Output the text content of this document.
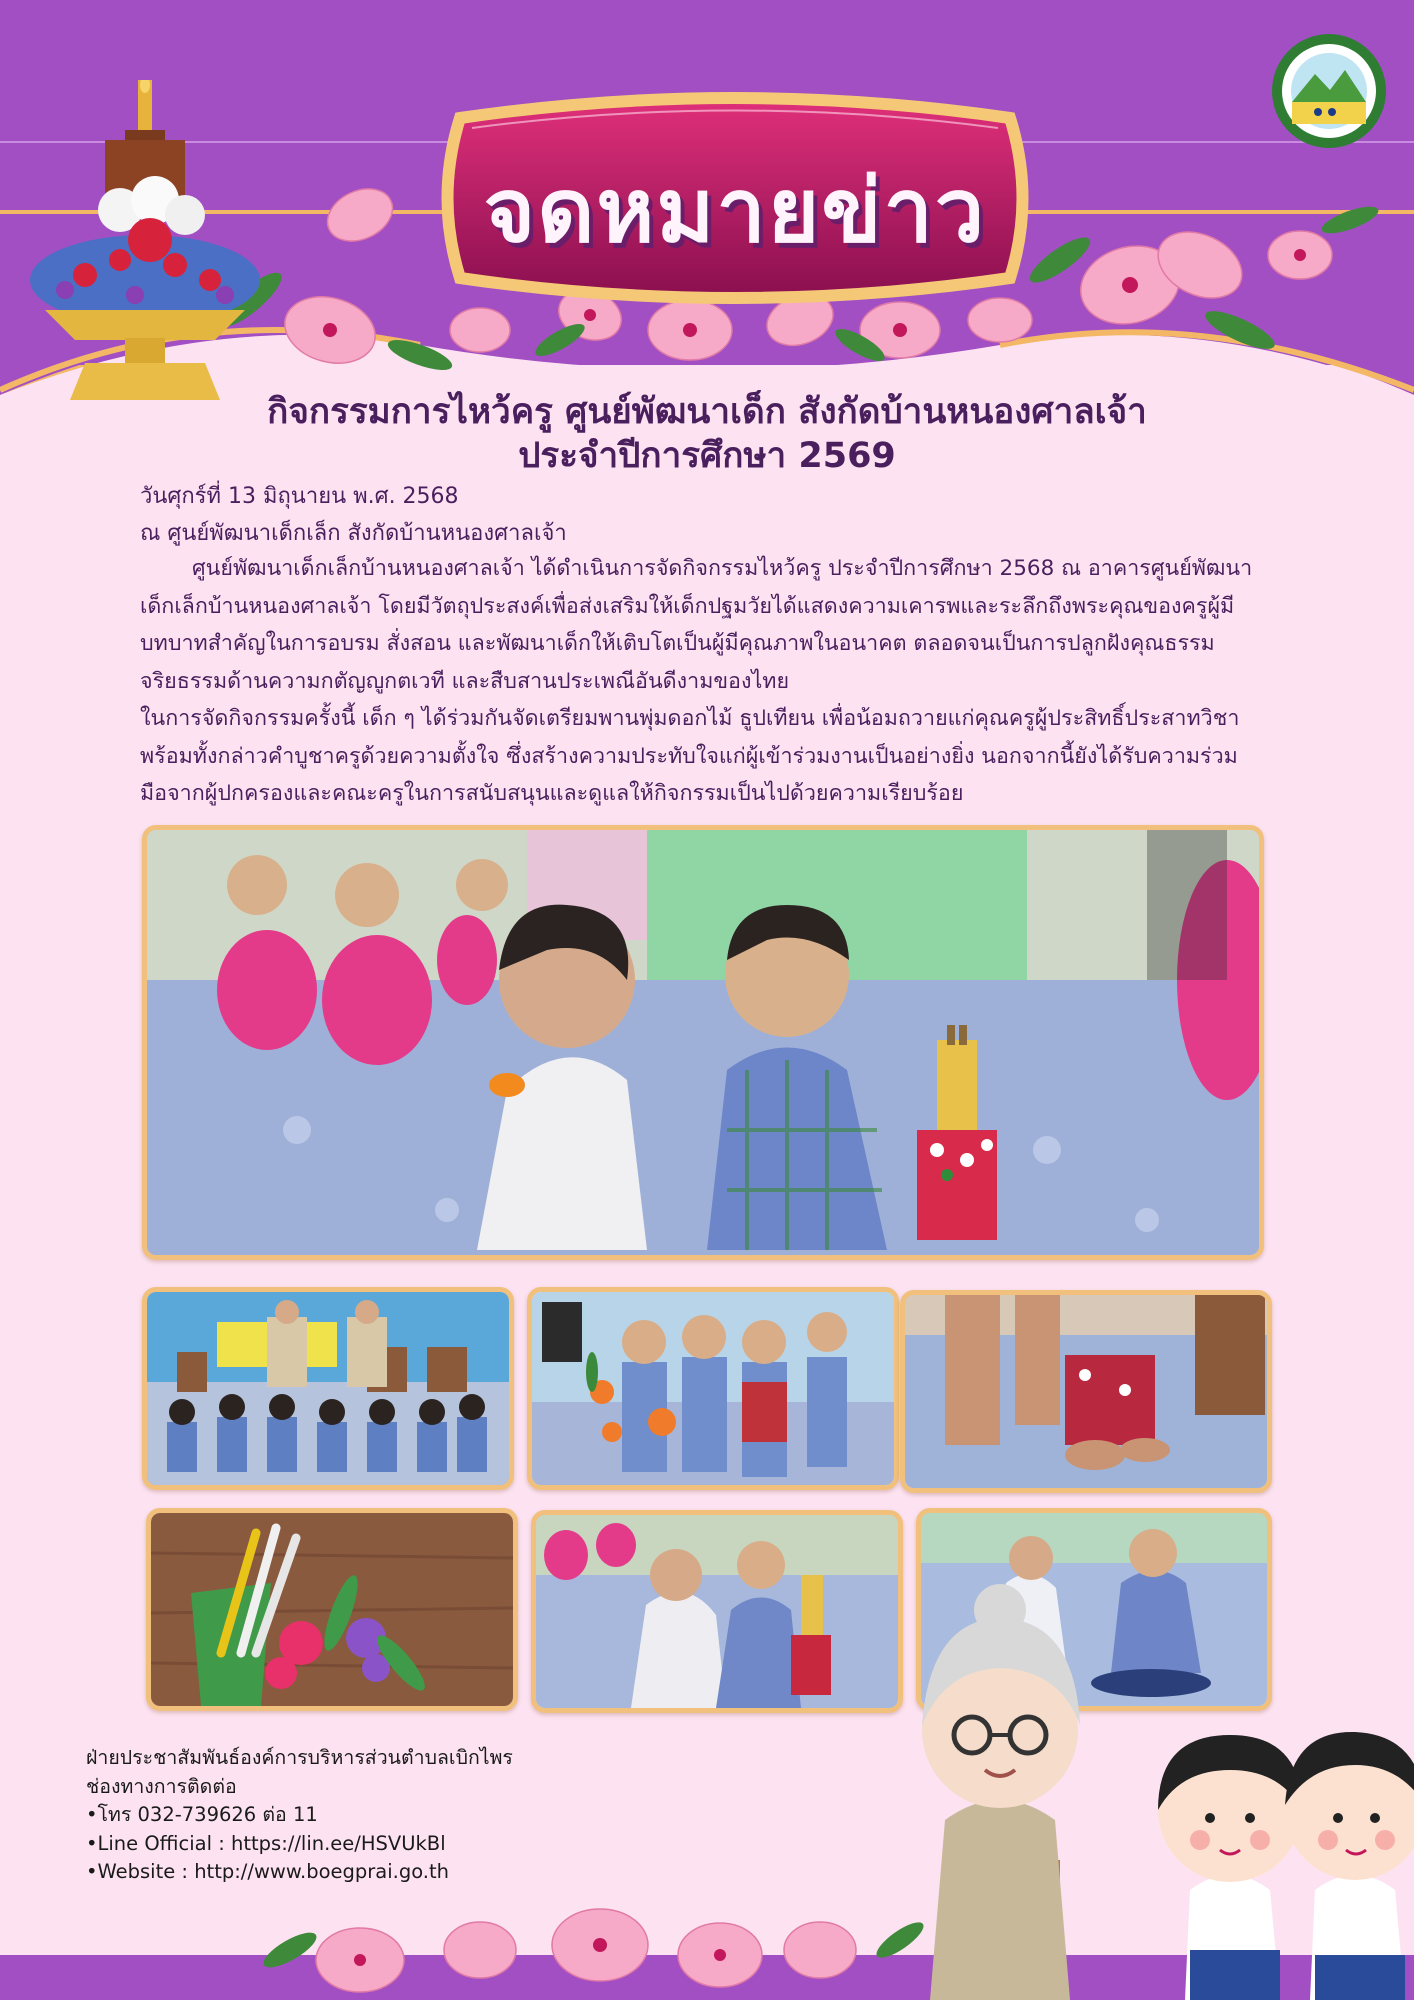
จดหมายข่าว
กิจกรรมการไหว้ครู ศูนย์พัฒนาเด็ก สังกัดบ้านหนองศาลเจ้า
ประจำปีการศึกษา 2569
วันศุกร์ที่ 13 มิถุนายน พ.ศ. 2568
ณ ศูนย์พัฒนาเด็กเล็ก สังกัดบ้านหนองศาลเจ้า

ศูนย์พัฒนาเด็กเล็กบ้านหนองศาลเจ้า ได้ดำเนินการจัดกิจกรรมไหว้ครู ประจำปีการศึกษา 2568 ณ อาคารศูนย์พัฒนา

เด็กเล็กบ้านหนองศาลเจ้า โดยมีวัตถุประสงค์เพื่อส่งเสริมให้เด็กปฐมวัยได้แสดงความเคารพและระลึกถึงพระคุณของครูผู้มี

บทบาทสำคัญในการอบรม สั่งสอน และพัฒนาเด็กให้เติบโตเป็นผู้มีคุณภาพในอนาคต ตลอดจนเป็นการปลูกฝังคุณธรรม

จริยธรรมด้านความกตัญญูกตเวที และสืบสานประเพณีอันดีงามของไทย

ในการจัดกิจกรรมครั้งนี้ เด็ก ๆ ได้ร่วมกันจัดเตรียมพานพุ่มดอกไม้ ธูปเทียน เพื่อน้อมถวายแก่คุณครูผู้ประสิทธิ์ประสาทวิชา

พร้อมทั้งกล่าวคำบูชาครูด้วยความตั้งใจ ซึ่งสร้างความประทับใจแก่ผู้เข้าร่วมงานเป็นอย่างยิ่ง นอกจากนี้ยังได้รับความร่วม

มือจากผู้ปกครองและคณะครูในการสนับสนุนและดูแลให้กิจกรรมเป็นไปด้วยความเรียบร้อย

ฝ่ายประชาสัมพันธ์องค์การบริหารส่วนตำบลเบิกไพร
ช่องทางการติดต่อ
•โทร 032-739626 ต่อ 11
•Line Official : https://lin.ee/HSVUkBl
•Website : http://www.boegprai.go.th
